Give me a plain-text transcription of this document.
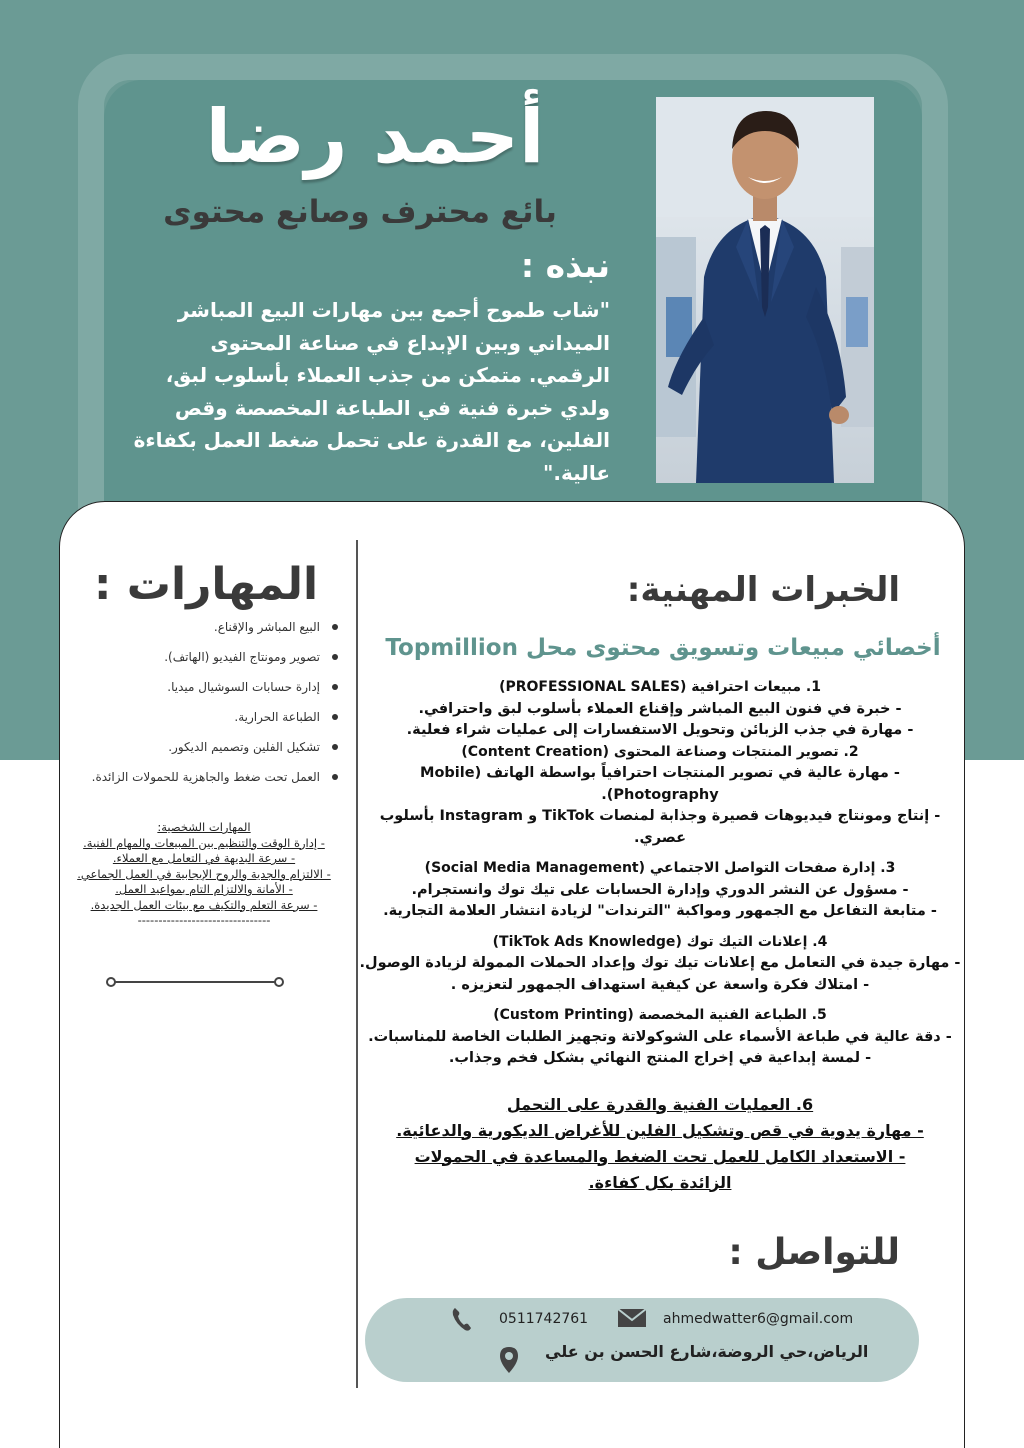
أحمد رضا
بائع محترف وصانع محتوى
نبذه :
"شاب طموح أجمع بين مهارات البيع المباشر
الميداني وبين الإبداع في صناعة المحتوى
الرقمي. متمكن من جذب العملاء بأسلوب لبق،
ولدي خبرة فنية في الطباعة المخصصة وقص
الفلين، مع القدرة على تحمل ضغط العمل بكفاءة
عالية."
المهارات :
البيع المباشر والإقناع.
تصوير ومونتاج الفيديو (الهاتف).
إدارة حسابات السوشيال ميديا.
الطباعة الحرارية.
تشكيل الفلين وتصميم الديكور.
العمل تحت ضغط والجاهزية للحمولات الزائدة.

المهارات الشخصية:

- إدارة الوقت والتنظيم بين المبيعات والمهام الفنية.

- سرعة البديهة في التعامل مع العملاء.

- الالتزام والجدية والروح الإيجابية في العمل الجماعي.

- الأمانة والالتزام التام بمواعيد العمل.

- سرعة التعلم والتكيف مع بيئات العمل الجديدة.

--------------------------------

الخبرات المهنية:
أخصائي مبيعات وتسويق محتوى محل Topmillion

1. مبيعات احترافية (PROFESSIONAL SALES)

- خبرة في فنون البيع المباشر وإقناع العملاء بأسلوب لبق واحترافي.

- مهارة في جذب الزبائن وتحويل الاستفسارات إلى عمليات شراء فعلية.

2. تصوير المنتجات وصناعة المحتوى (Content Creation)

- مهارة عالية في تصوير المنتجات احترافياً بواسطة الهاتف (Mobile

Photography).

- إنتاج ومونتاج فيديوهات قصيرة وجذابة لمنصات TikTok و Instagram بأسلوب

عصري.

3. إدارة صفحات التواصل الاجتماعي (Social Media Management)

- مسؤول عن النشر الدوري وإدارة الحسابات على تيك توك وانستجرام.

- متابعة التفاعل مع الجمهور ومواكبة "الترندات" لزيادة انتشار العلامة التجارية.

4. إعلانات التيك توك (TikTok Ads Knowledge)

- مهارة جيدة في التعامل مع إعلانات تيك توك وإعداد الحملات الممولة لزيادة الوصول.

- امتلاك فكرة واسعة عن كيفية استهداف الجمهور لتعزيزه .

5. الطباعة الفنية المخصصة (Custom Printing)

- دقة عالية في طباعة الأسماء على الشوكولاتة وتجهيز الطلبات الخاصة للمناسبات.

- لمسة إبداعية في إخراج المنتج النهائي بشكل فخم وجذاب.

6. العمليات الفنية والقدرة على التحمل

- مهارة يدوية في قص وتشكيل الفلين للأغراض الديكورية والدعائية.

- الاستعداد الكامل للعمل تحت الضغط والمساعدة في الحمولات

الزائدة بكل كفاءة.

للتواصل :
0511742761	ahmedwatter6@gmail.com
الرياض،حي الروضة،شارع الحسن بن علي
